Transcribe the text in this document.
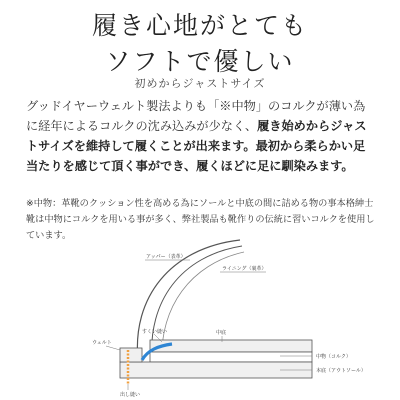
履き心地がとても
ソフトで優しい
初めからジャストサイズ
グッドイヤーウェルト製法よりも「※中物」のコルクが薄い為に経年によるコルクの沈み込みが少なく、履き始めからジャストサイズを維持して履くことが出来ます。最初から柔らかい足当たりを感じて頂く事ができ、履くほどに足に馴染みます。
※中物：革靴のクッション性を高める為にソールと中底の間に詰める物の事本格紳士靴は中物にコルクを用いる事が多く、弊社製品も靴作りの伝統に習いコルクを使用しています。
アッパー（表革）
ライニング（裏革）
すくい縫い	中底
中物（コルク）
本底（アウトソール）
ウェルト
出し縫い
